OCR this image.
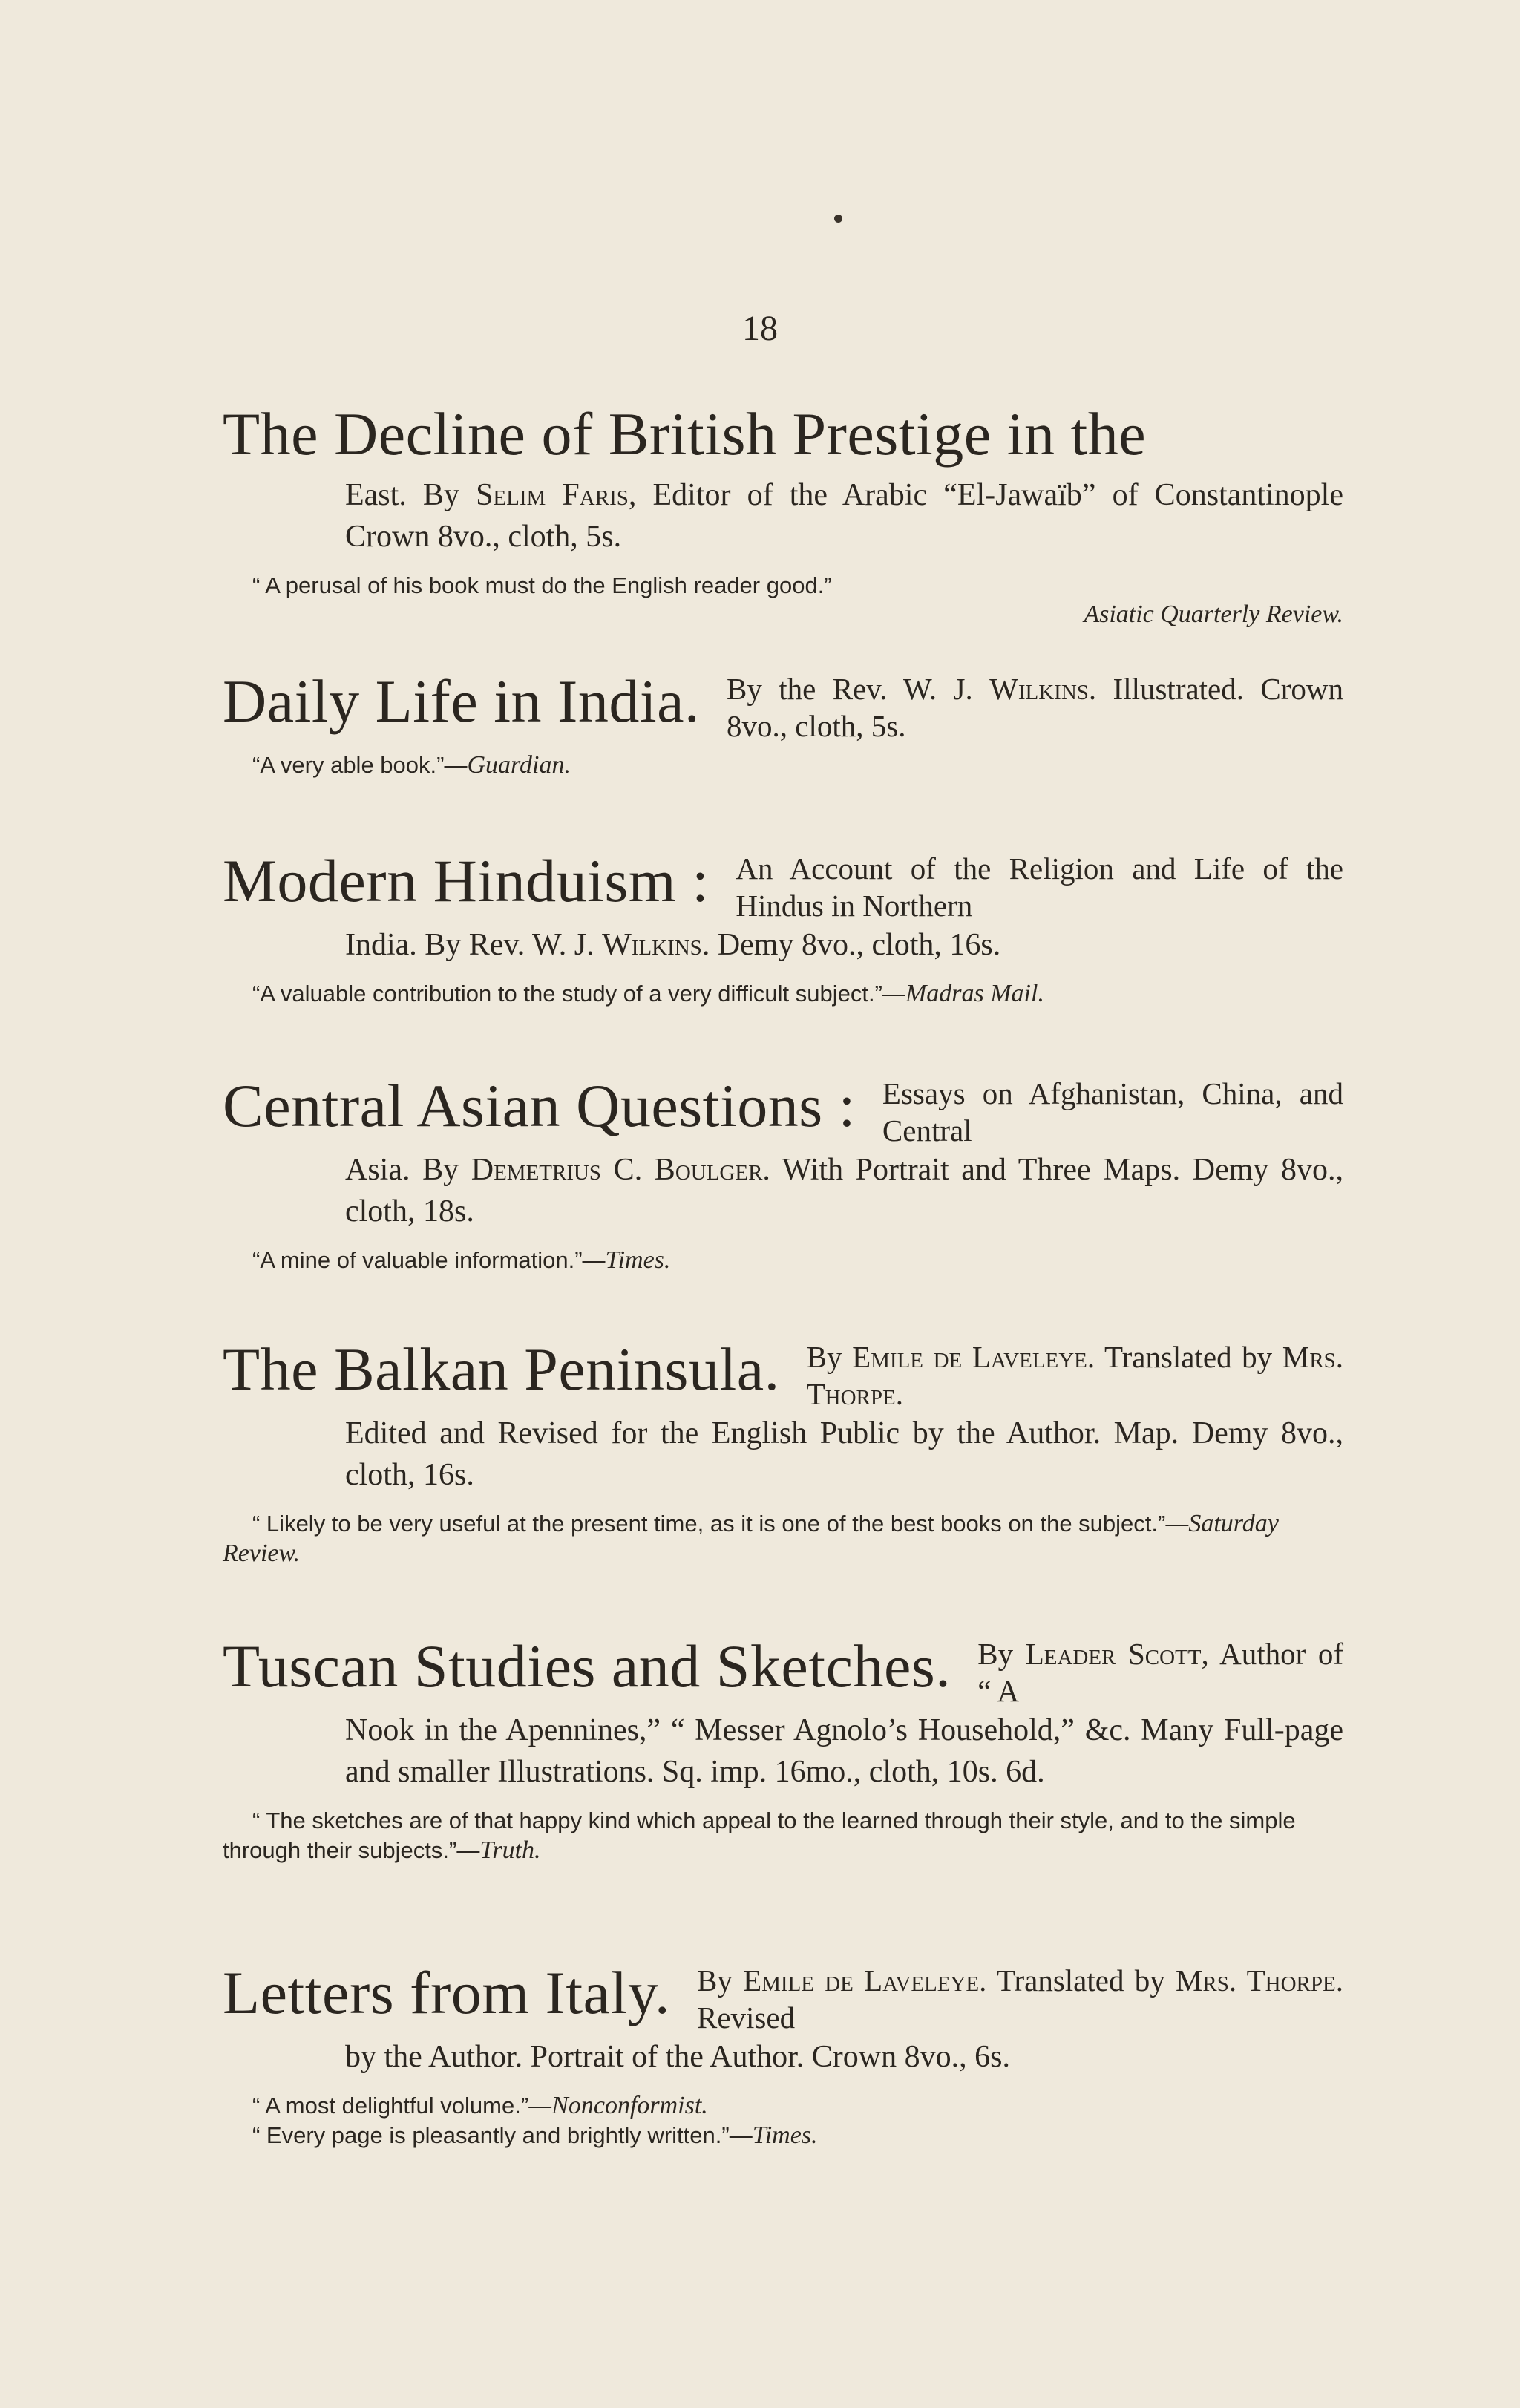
18
The Decline of British Prestige in the
East. By Selim Faris, Editor of the Arabic “El-Jawaïb” of Constantinople Crown 8vo., cloth, 5s.
“ A perusal of his book must do the English reader good.”
Asiatic Quarterly Review.
Daily Life in India. By the Rev. W. J. Wilkins. Illustrated. Crown 8vo., cloth, 5s.
“A very able book.”—Guardian.
Modern Hinduism : An Account of the Religion and Life of the Hindus in Northern
India. By Rev. W. J. Wilkins. Demy 8vo., cloth, 16s.
“A valuable contribution to the study of a very difficult subject.”—Madras Mail.
Central Asian Questions : Essays on Afghanistan, China, and Central
Asia. By Demetrius C. Boulger. With Portrait and Three Maps. Demy 8vo., cloth, 18s.
“A mine of valuable information.”—Times.
The Balkan Peninsula. By Emile de Laveleye. Translated by Mrs. Thorpe.
Edited and Revised for the English Public by the Author. Map. Demy 8vo., cloth, 16s.
“ Likely to be very useful at the present time, as it is one of the best books on the subject.”—Saturday Review.
Tuscan Studies and Sketches. By Leader Scott, Author of “ A
Nook in the Apennines,” “ Messer Agnolo’s Household,” &c. Many Full-page and smaller Illustrations. Sq. imp. 16mo., cloth, 10s. 6d.
“ The sketches are of that happy kind which appeal to the learned through their style, and to the simple through their subjects.”—Truth.
Letters from Italy. By Emile de Laveleye. Translated by Mrs. Thorpe. Revised
by the Author. Portrait of the Author. Crown 8vo., 6s.
“ A most delightful volume.”—Nonconformist.
“ Every page is pleasantly and brightly written.”—Times.
